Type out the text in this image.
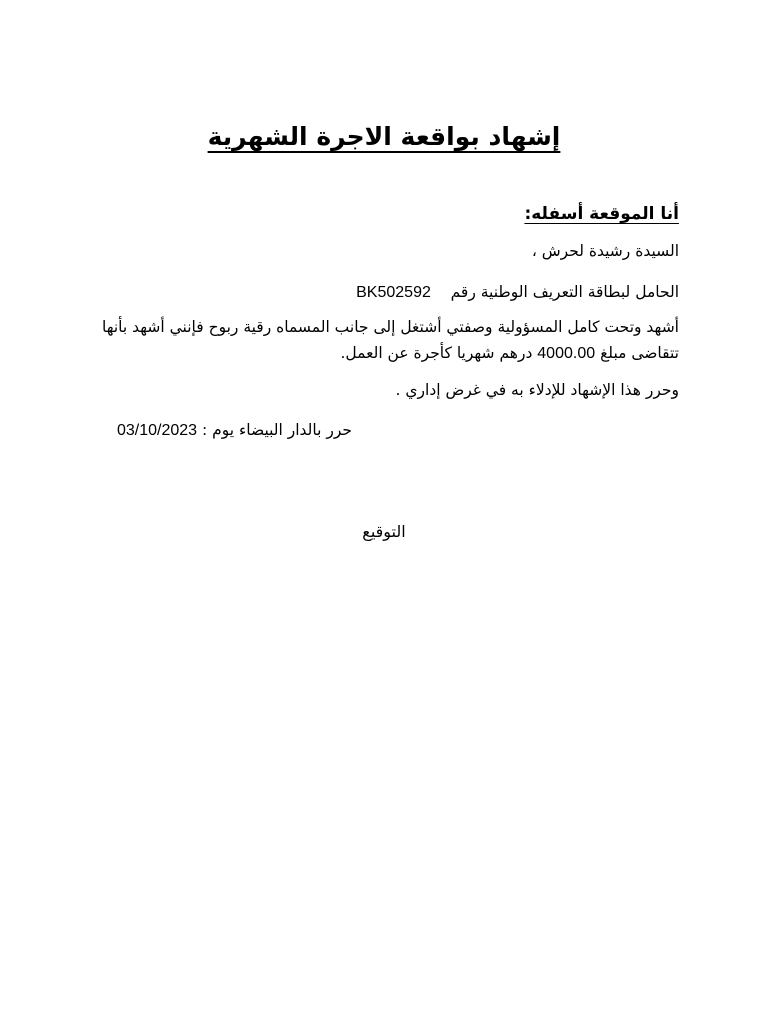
إشهاد بواقعة الاجرة الشهرية
أنا الموقعة أسفله:
السيدة رشيدة لحرش ،
الحامل لبطاقة التعريف الوطنية رقم    BK502592
أشهد وتحت كامل المسؤولية وصفتي أشتغل إلى جانب المسماه رقية ربوح فإنني أشهد بأنها
تتقاضى مبلغ 4000.00 درهم شهريا كأجرة عن العمل.
وحرر هذا الإشهاد للإدلاء به في غرض إداري .
حرر بالدار البيضاء يوم : 03/10/2023
التوقيع
